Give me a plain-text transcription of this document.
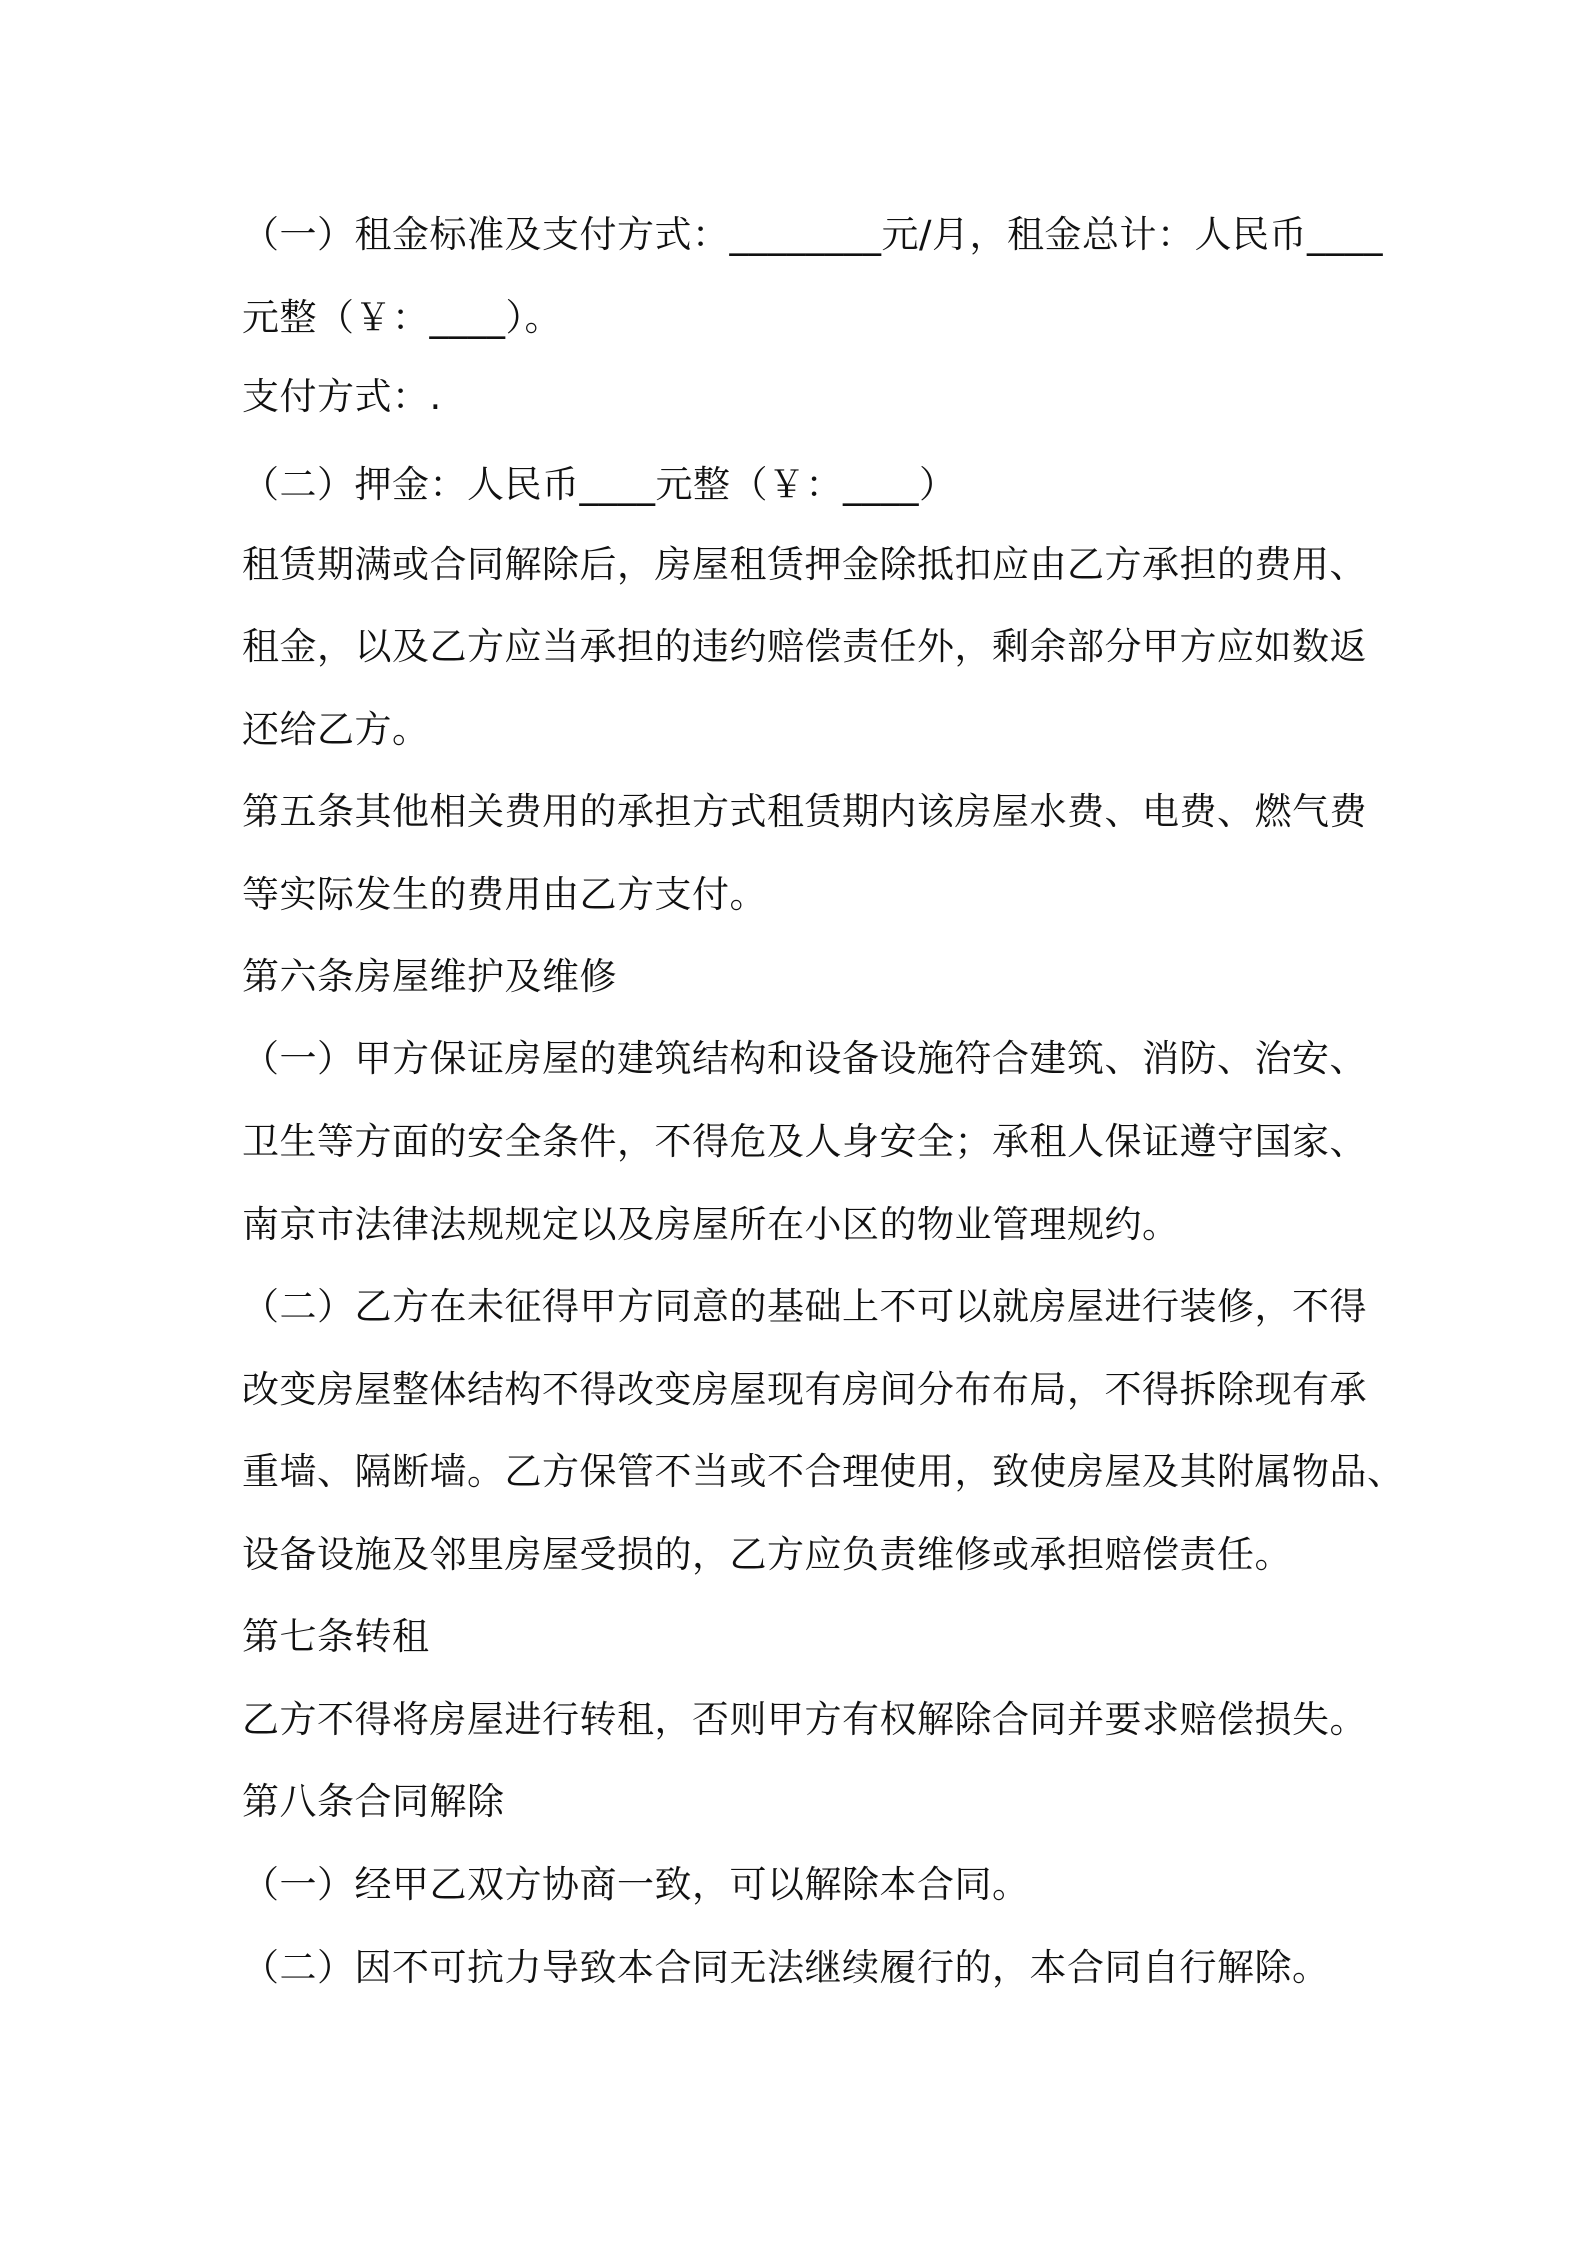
（一）租金标准及支付方式：________元/月，租金总计：人民币____
元整（￥：____）。
支付方式：.
（二）押金：人民币____元整（￥：____）
租赁期满或合同解除后，房屋租赁押金除抵扣应由乙方承担的费用、
租金，以及乙方应当承担的违约赔偿责任外，剩余部分甲方应如数返
还给乙方。
第五条其他相关费用的承担方式租赁期内该房屋水费、电费、燃气费
等实际发生的费用由乙方支付。
第六条房屋维护及维修
（一）甲方保证房屋的建筑结构和设备设施符合建筑、消防、治安、
卫生等方面的安全条件，不得危及人身安全；承租人保证遵守国家、
南京市法律法规规定以及房屋所在小区的物业管理规约。
（二）乙方在未征得甲方同意的基础上不可以就房屋进行装修，不得
改变房屋整体结构不得改变房屋现有房间分布布局，不得拆除现有承
重墙、隔断墙。乙方保管不当或不合理使用，致使房屋及其附属物品、
设备设施及邻里房屋受损的，乙方应负责维修或承担赔偿责任。
第七条转租
乙方不得将房屋进行转租，否则甲方有权解除合同并要求赔偿损失。
第八条合同解除
（一）经甲乙双方协商一致，可以解除本合同。
（二）因不可抗力导致本合同无法继续履行的，本合同自行解除。
